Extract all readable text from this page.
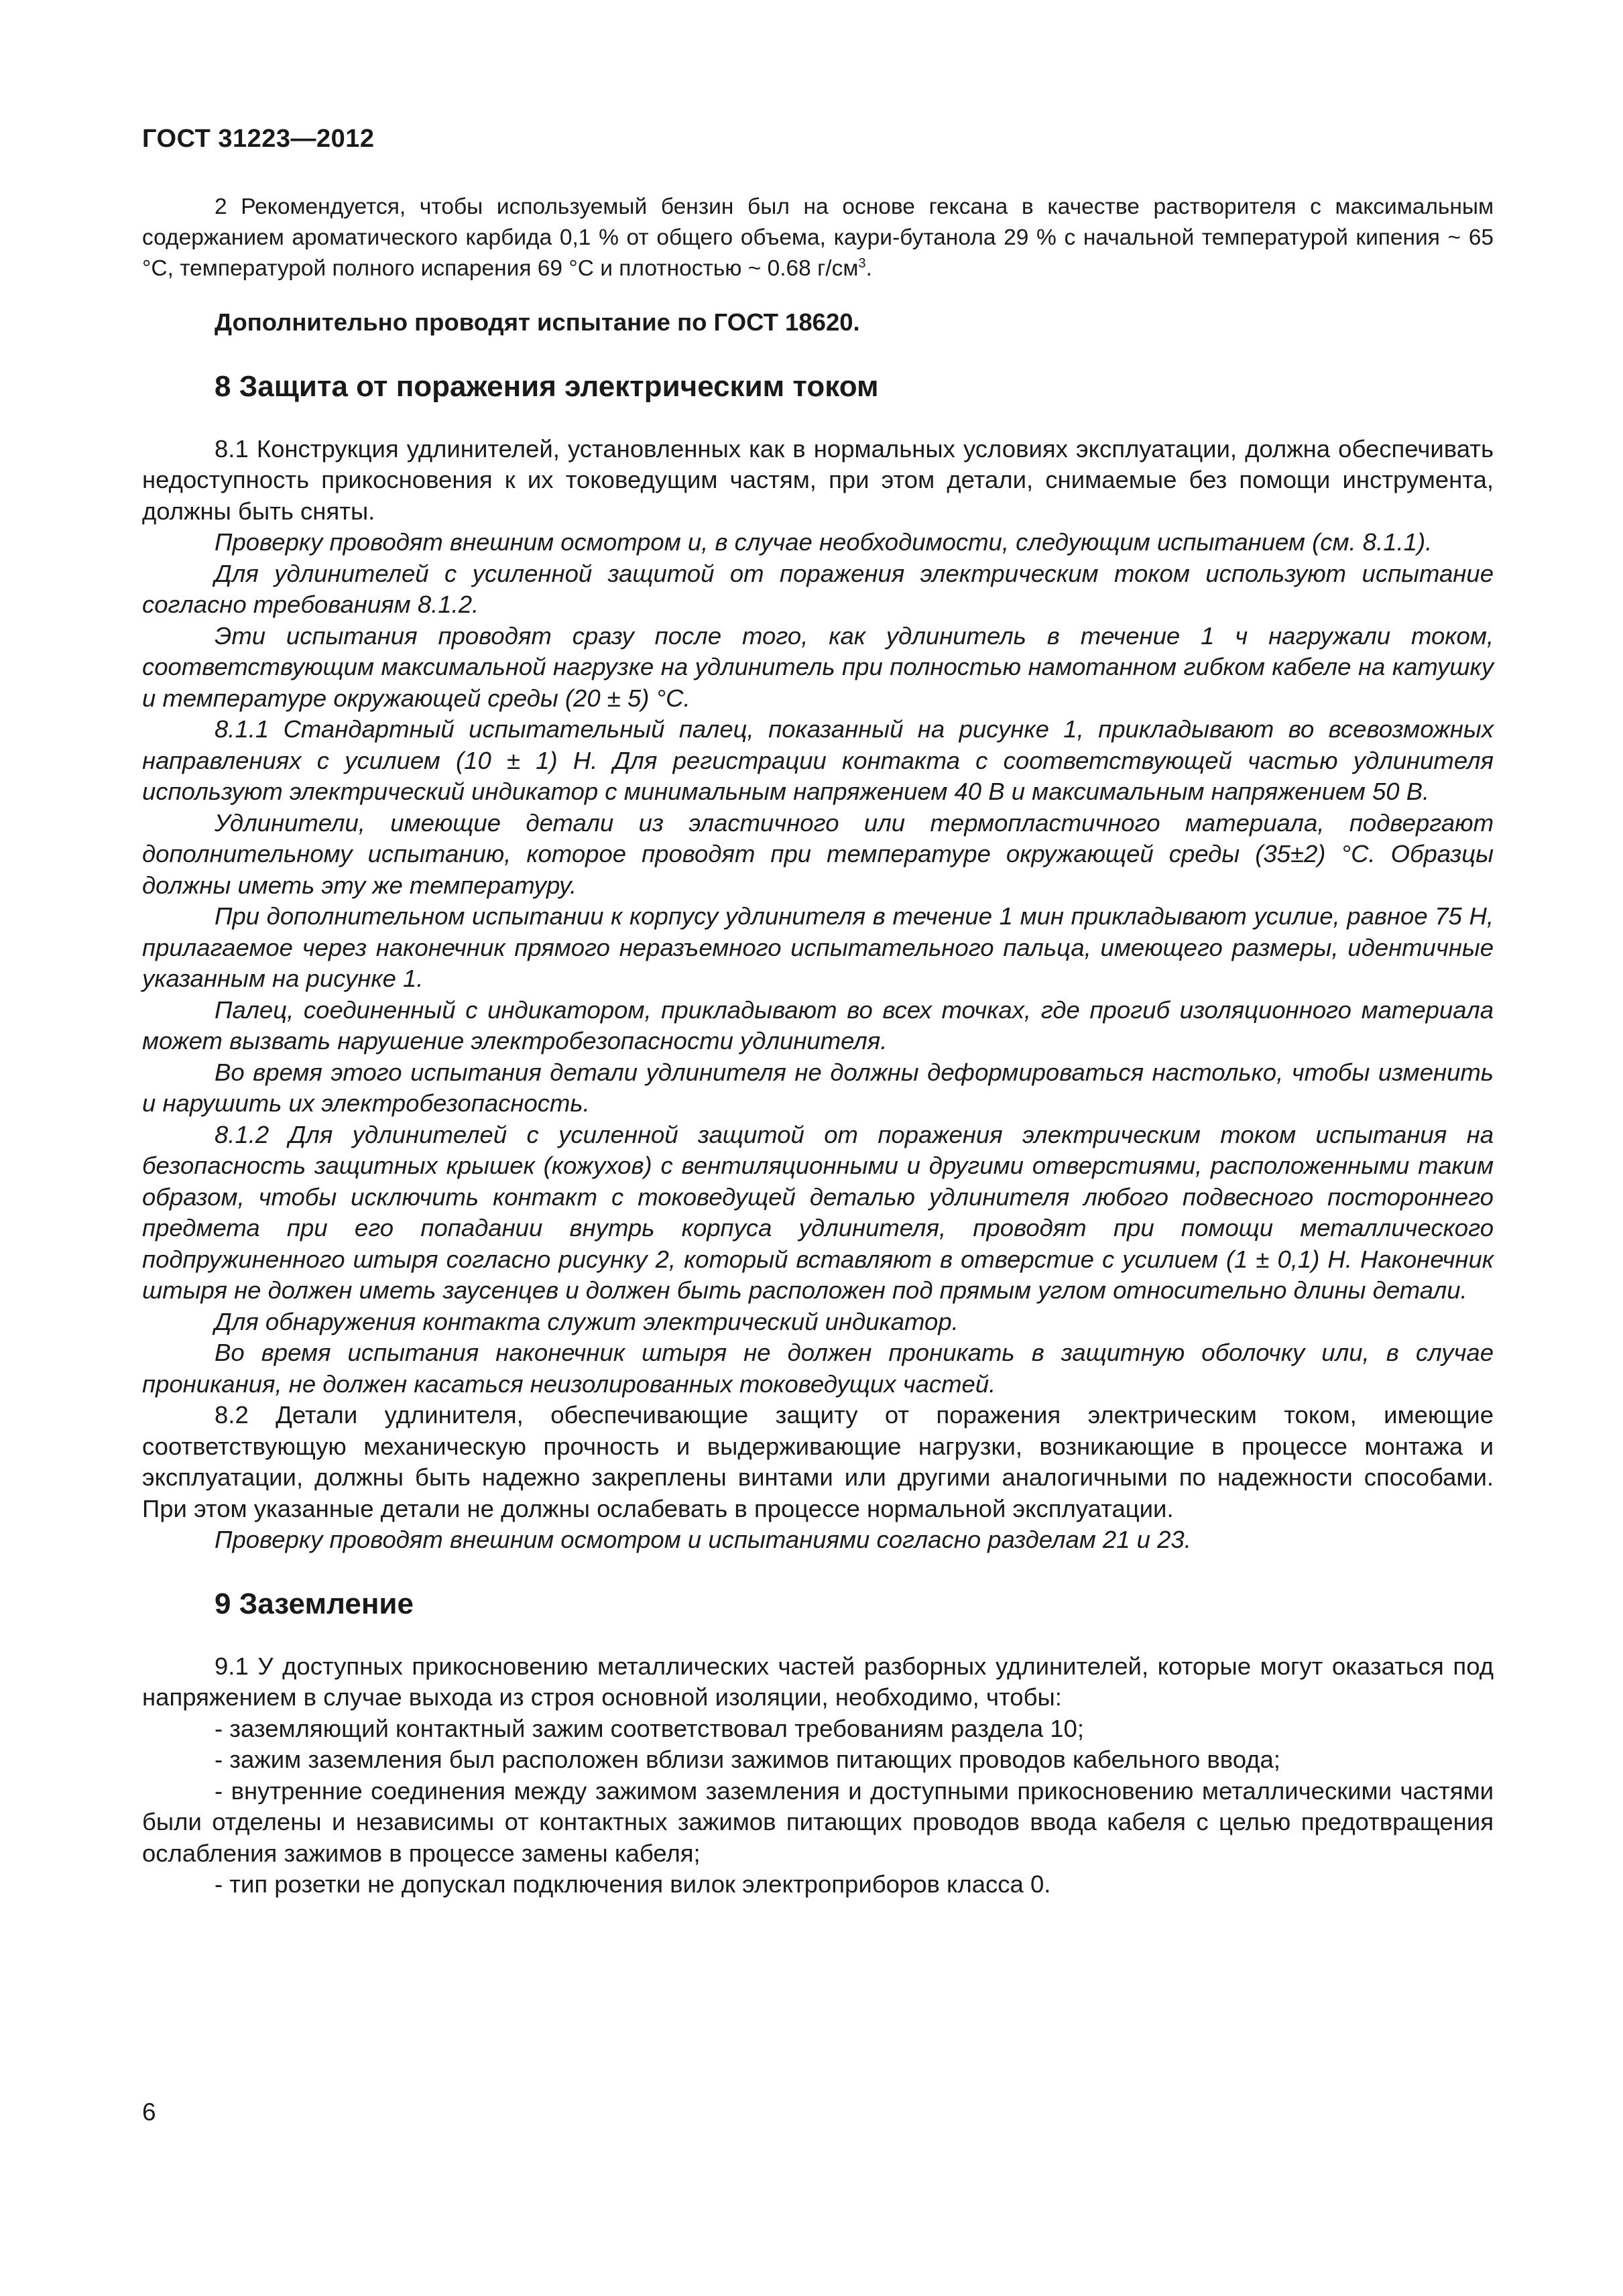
ГОСТ 31223—2012

2 Рекомендуется, чтобы используемый бензин был на основе гексана в качестве растворителя с максимальным содержанием ароматического карбида 0,1 % от общего объема, каури-бутанола 29 % с начальной температурой кипения ~ 65 °С, температурой полного испарения 69 °С и плотностью ~ 0.68 $г/см^3$.

Дополнительно проводят испытание по ГОСТ 18620.

8 Защита от поражения электрическим током

8.1 Конструкция удлинителей, установленных как в нормальных условиях эксплуатации, должна обеспечивать недоступность прикосновения к их токоведущим частям, при этом детали, снимаемые без помощи инструмента, должны быть сняты.

Проверку проводят внешним осмотром и, в случае необходимости, следующим испытанием (см. 8.1.1).

Для удлинителей с усиленной защитой от поражения электрическим током используют испытание согласно требованиям 8.1.2.

Эти испытания проводят сразу после того, как удлинитель в течение 1 ч нагружали током, соответствующим максимальной нагрузке на удлинитель при полностью намотанном гибком кабеле на катушку и температуре окружающей среды (20 ± 5) °С.

8.1.1 Стандартный испытательный палец, показанный на рисунке 1, прикладывают во всевозможных направлениях с усилием (10 ± 1) Н. Для регистрации контакта с соответствующей частью удлинителя используют электрический индикатор с минимальным напряжением 40 В и максимальным напряжением 50 В.

Удлинители, имеющие детали из эластичного или термопластичного материала, подвергают дополнительному испытанию, которое проводят при температуре окружающей среды (35±2) °С. Образцы должны иметь эту же температуру.

При дополнительном испытании к корпусу удлинителя в течение 1 мин прикладывают усилие, равное 75 Н, прилагаемое через наконечник прямого неразъемного испытательного пальца, имеющего размеры, идентичные указанным на рисунке 1.

Палец, соединенный с индикатором, прикладывают во всех точках, где прогиб изоляционного материала может вызвать нарушение электробезопасности удлинителя.

Во время этого испытания детали удлинителя не должны деформироваться настолько, чтобы изменить и нарушить их электробезопасность.

8.1.2 Для удлинителей с усиленной защитой от поражения электрическим током испытания на безопасность защитных крышек (кожухов) с вентиляционными и другими отверстиями, расположенными таким образом, чтобы исключить контакт с токоведущей деталью удлинителя любого подвесного постороннего предмета при его попадании внутрь корпуса удлинителя, проводят при помощи металлического подпружиненного штыря согласно рисунку 2, который вставляют в отверстие с усилием (1 ± 0,1) Н. Наконечник штыря не должен иметь заусенцев и должен быть расположен под прямым углом относительно длины детали.

Для обнаружения контакта служит электрический индикатор.

Во время испытания наконечник штыря не должен проникать в защитную оболочку или, в случае проникания, не должен касаться неизолированных токоведущих частей.

8.2 Детали удлинителя, обеспечивающие защиту от поражения электрическим током, имеющие соответствующую механическую прочность и выдерживающие нагрузки, возникающие в процессе монтажа и эксплуатации, должны быть надежно закреплены винтами или другими аналогичными по надежности способами. При этом указанные детали не должны ослабевать в процессе нормальной эксплуатации.

Проверку проводят внешним осмотром и испытаниями согласно разделам 21 и 23.

9 Заземление

9.1 У доступных прикосновению металлических частей разборных удлинителей, которые могут оказаться под напряжением в случае выхода из строя основной изоляции, необходимо, чтобы:

- заземляющий контактный зажим соответствовал требованиям раздела 10;

- зажим заземления был расположен вблизи зажимов питающих проводов кабельного ввода;

- внутренние соединения между зажимом заземления и доступными прикосновению металлическими частями были отделены и независимы от контактных зажимов питающих проводов ввода кабеля с целью предотвращения ослабления зажимов в процессе замены кабеля;

- тип розетки не допускал подключения вилок электроприборов класса 0.

6
